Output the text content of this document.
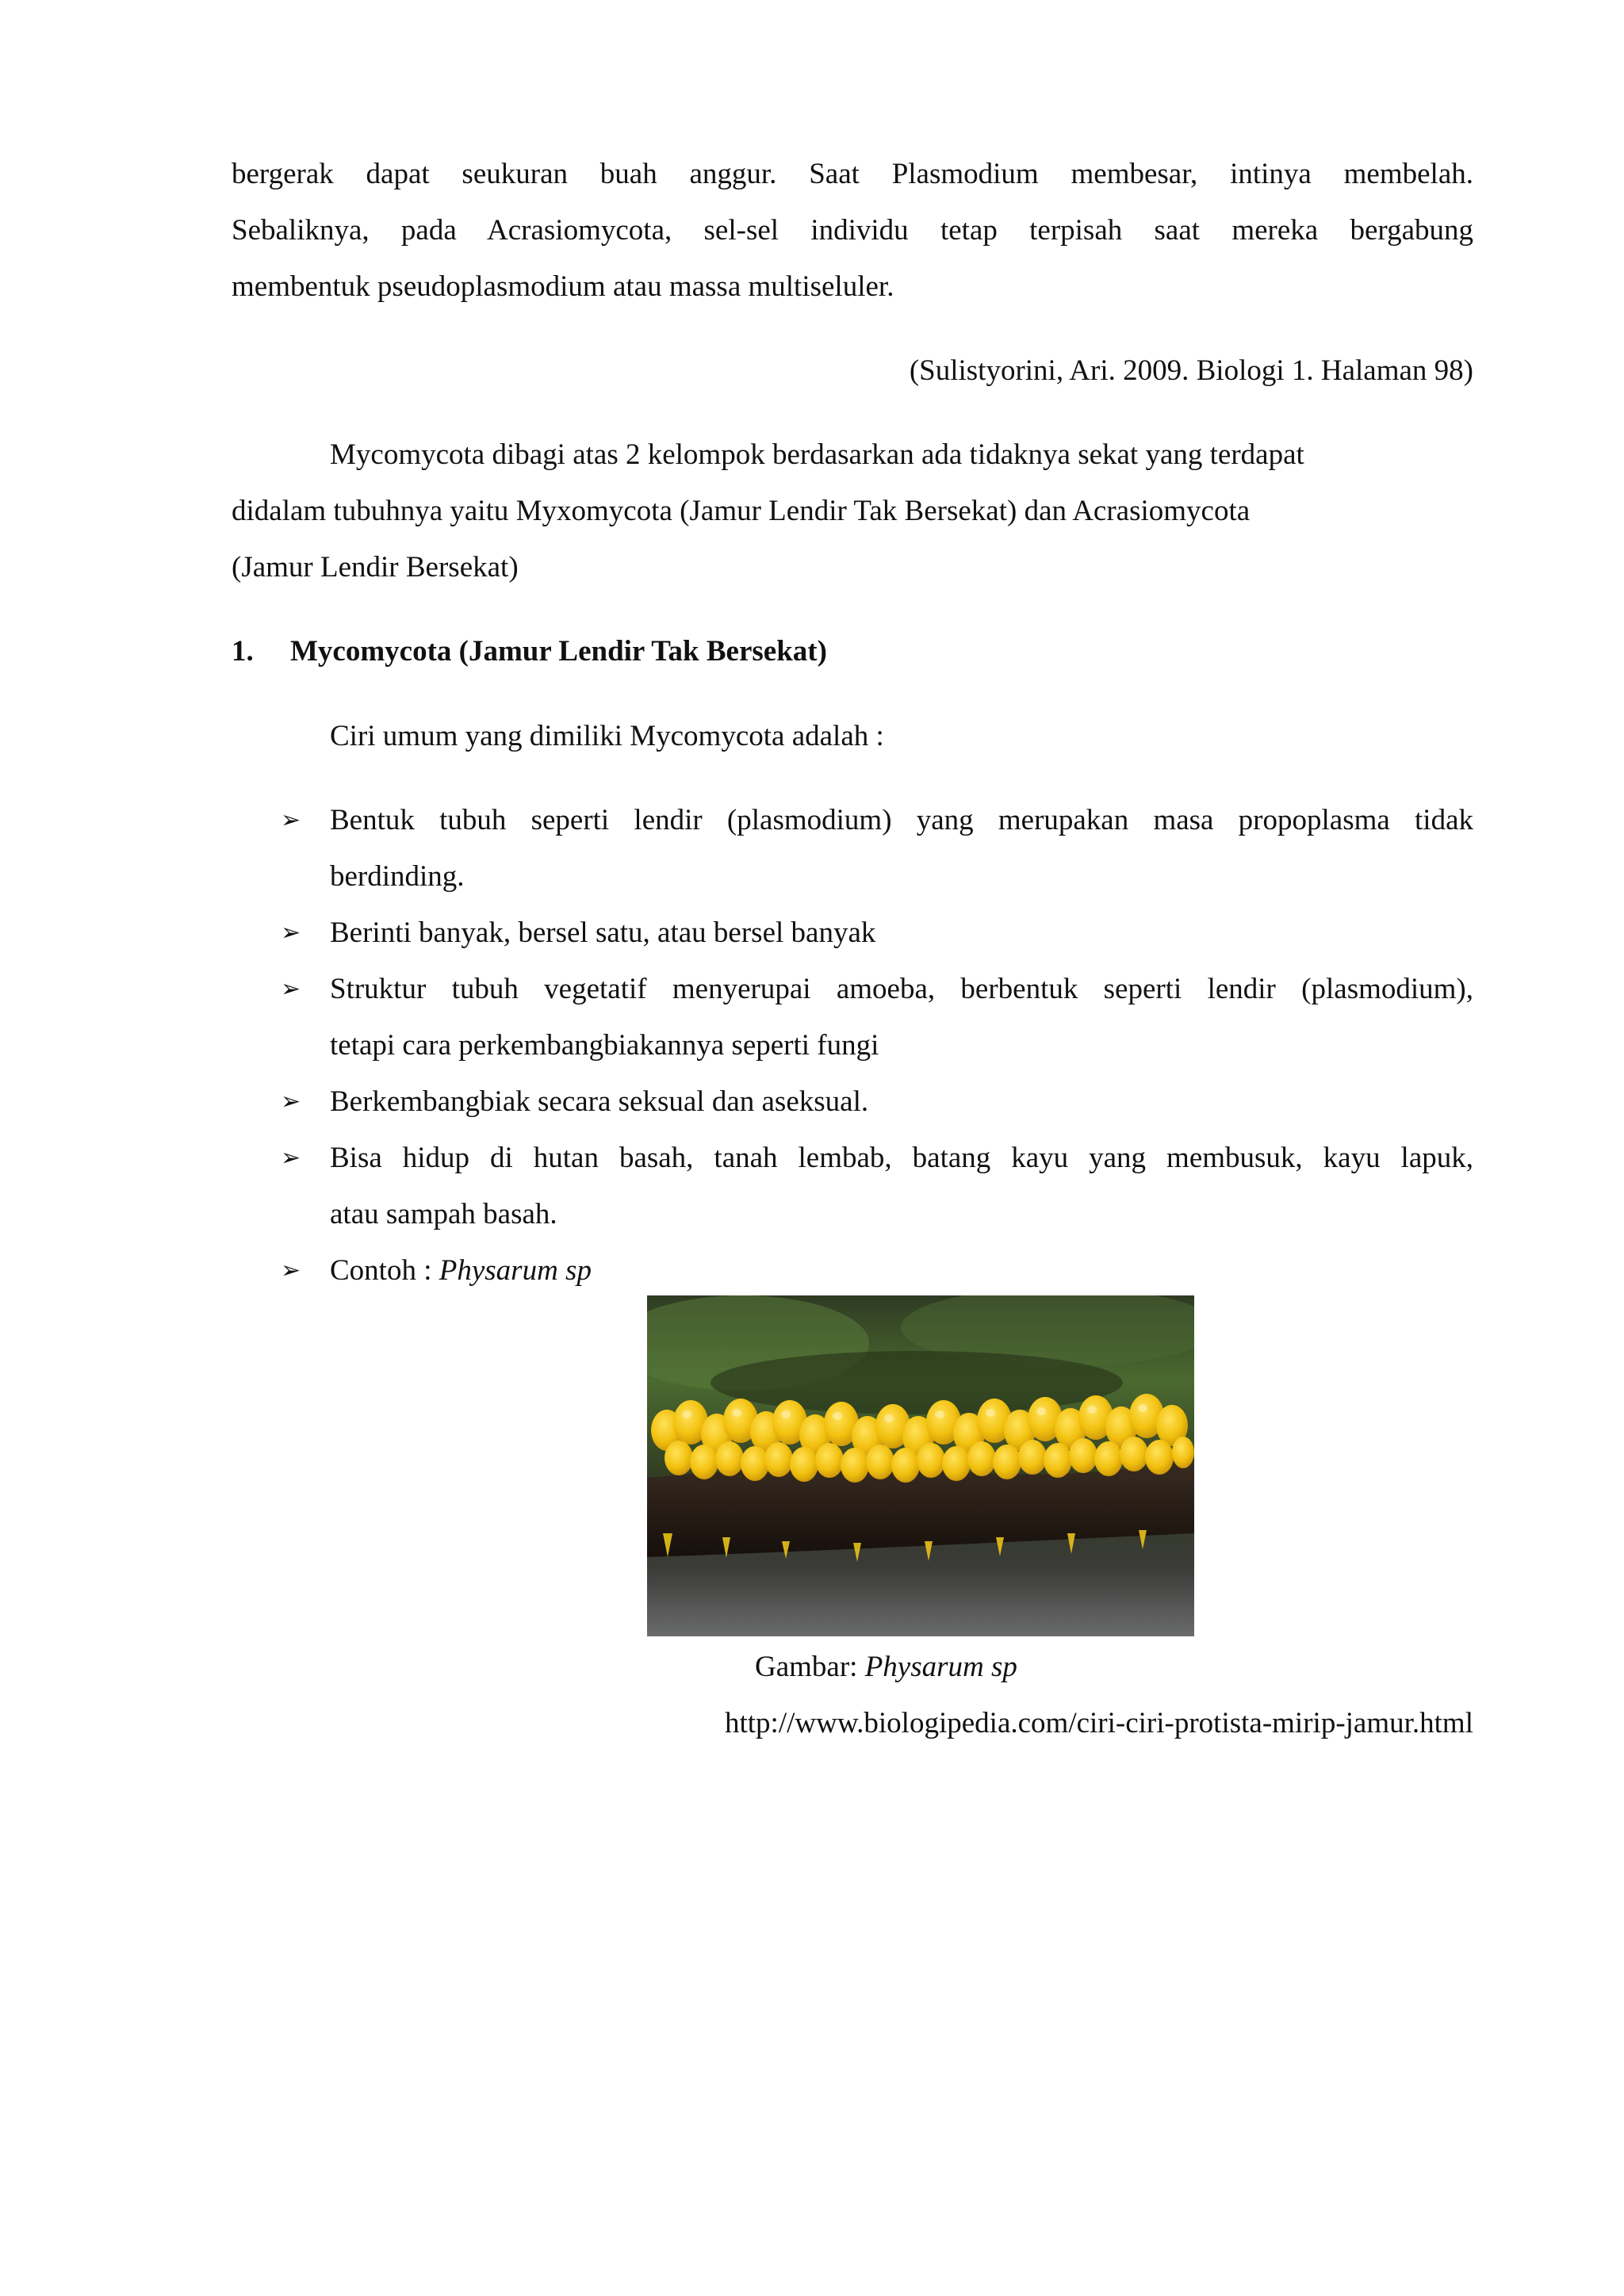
bergerak dapat seukuran buah anggur. Saat Plasmodium membesar, intinya membelah.
Sebaliknya, pada Acrasiomycota, sel-sel individu tetap terpisah saat mereka bergabung
membentuk pseudoplasmodium atau massa multiseluler.
(Sulistyorini, Ari. 2009. Biologi 1. Halaman 98)
Mycomycota dibagi atas 2 kelompok berdasarkan ada tidaknya sekat yang terdapat
didalam tubuhnya yaitu Myxomycota (Jamur Lendir Tak Bersekat) dan Acrasiomycota
(Jamur Lendir Bersekat)
1. Mycomycota (Jamur Lendir Tak Bersekat)
Ciri umum yang dimiliki Mycomycota adalah :
➢ Bentuk tubuh seperti lendir (plasmodium) yang merupakan masa propoplasma tidak
berdinding.
➢ Berinti banyak, bersel satu, atau bersel banyak
➢ Struktur tubuh vegetatif menyerupai amoeba, berbentuk seperti lendir (plasmodium),
tetapi cara perkembangbiakannya seperti fungi
➢ Berkembangbiak secara seksual dan aseksual.
➢ Bisa hidup di hutan basah, tanah lembab, batang kayu yang membusuk, kayu lapuk,
atau sampah basah.
➢ Contoh : Physarum sp
Gambar: Physarum sp
http://www.biologipedia.com/ciri-ciri-protista-mirip-jamur.html
